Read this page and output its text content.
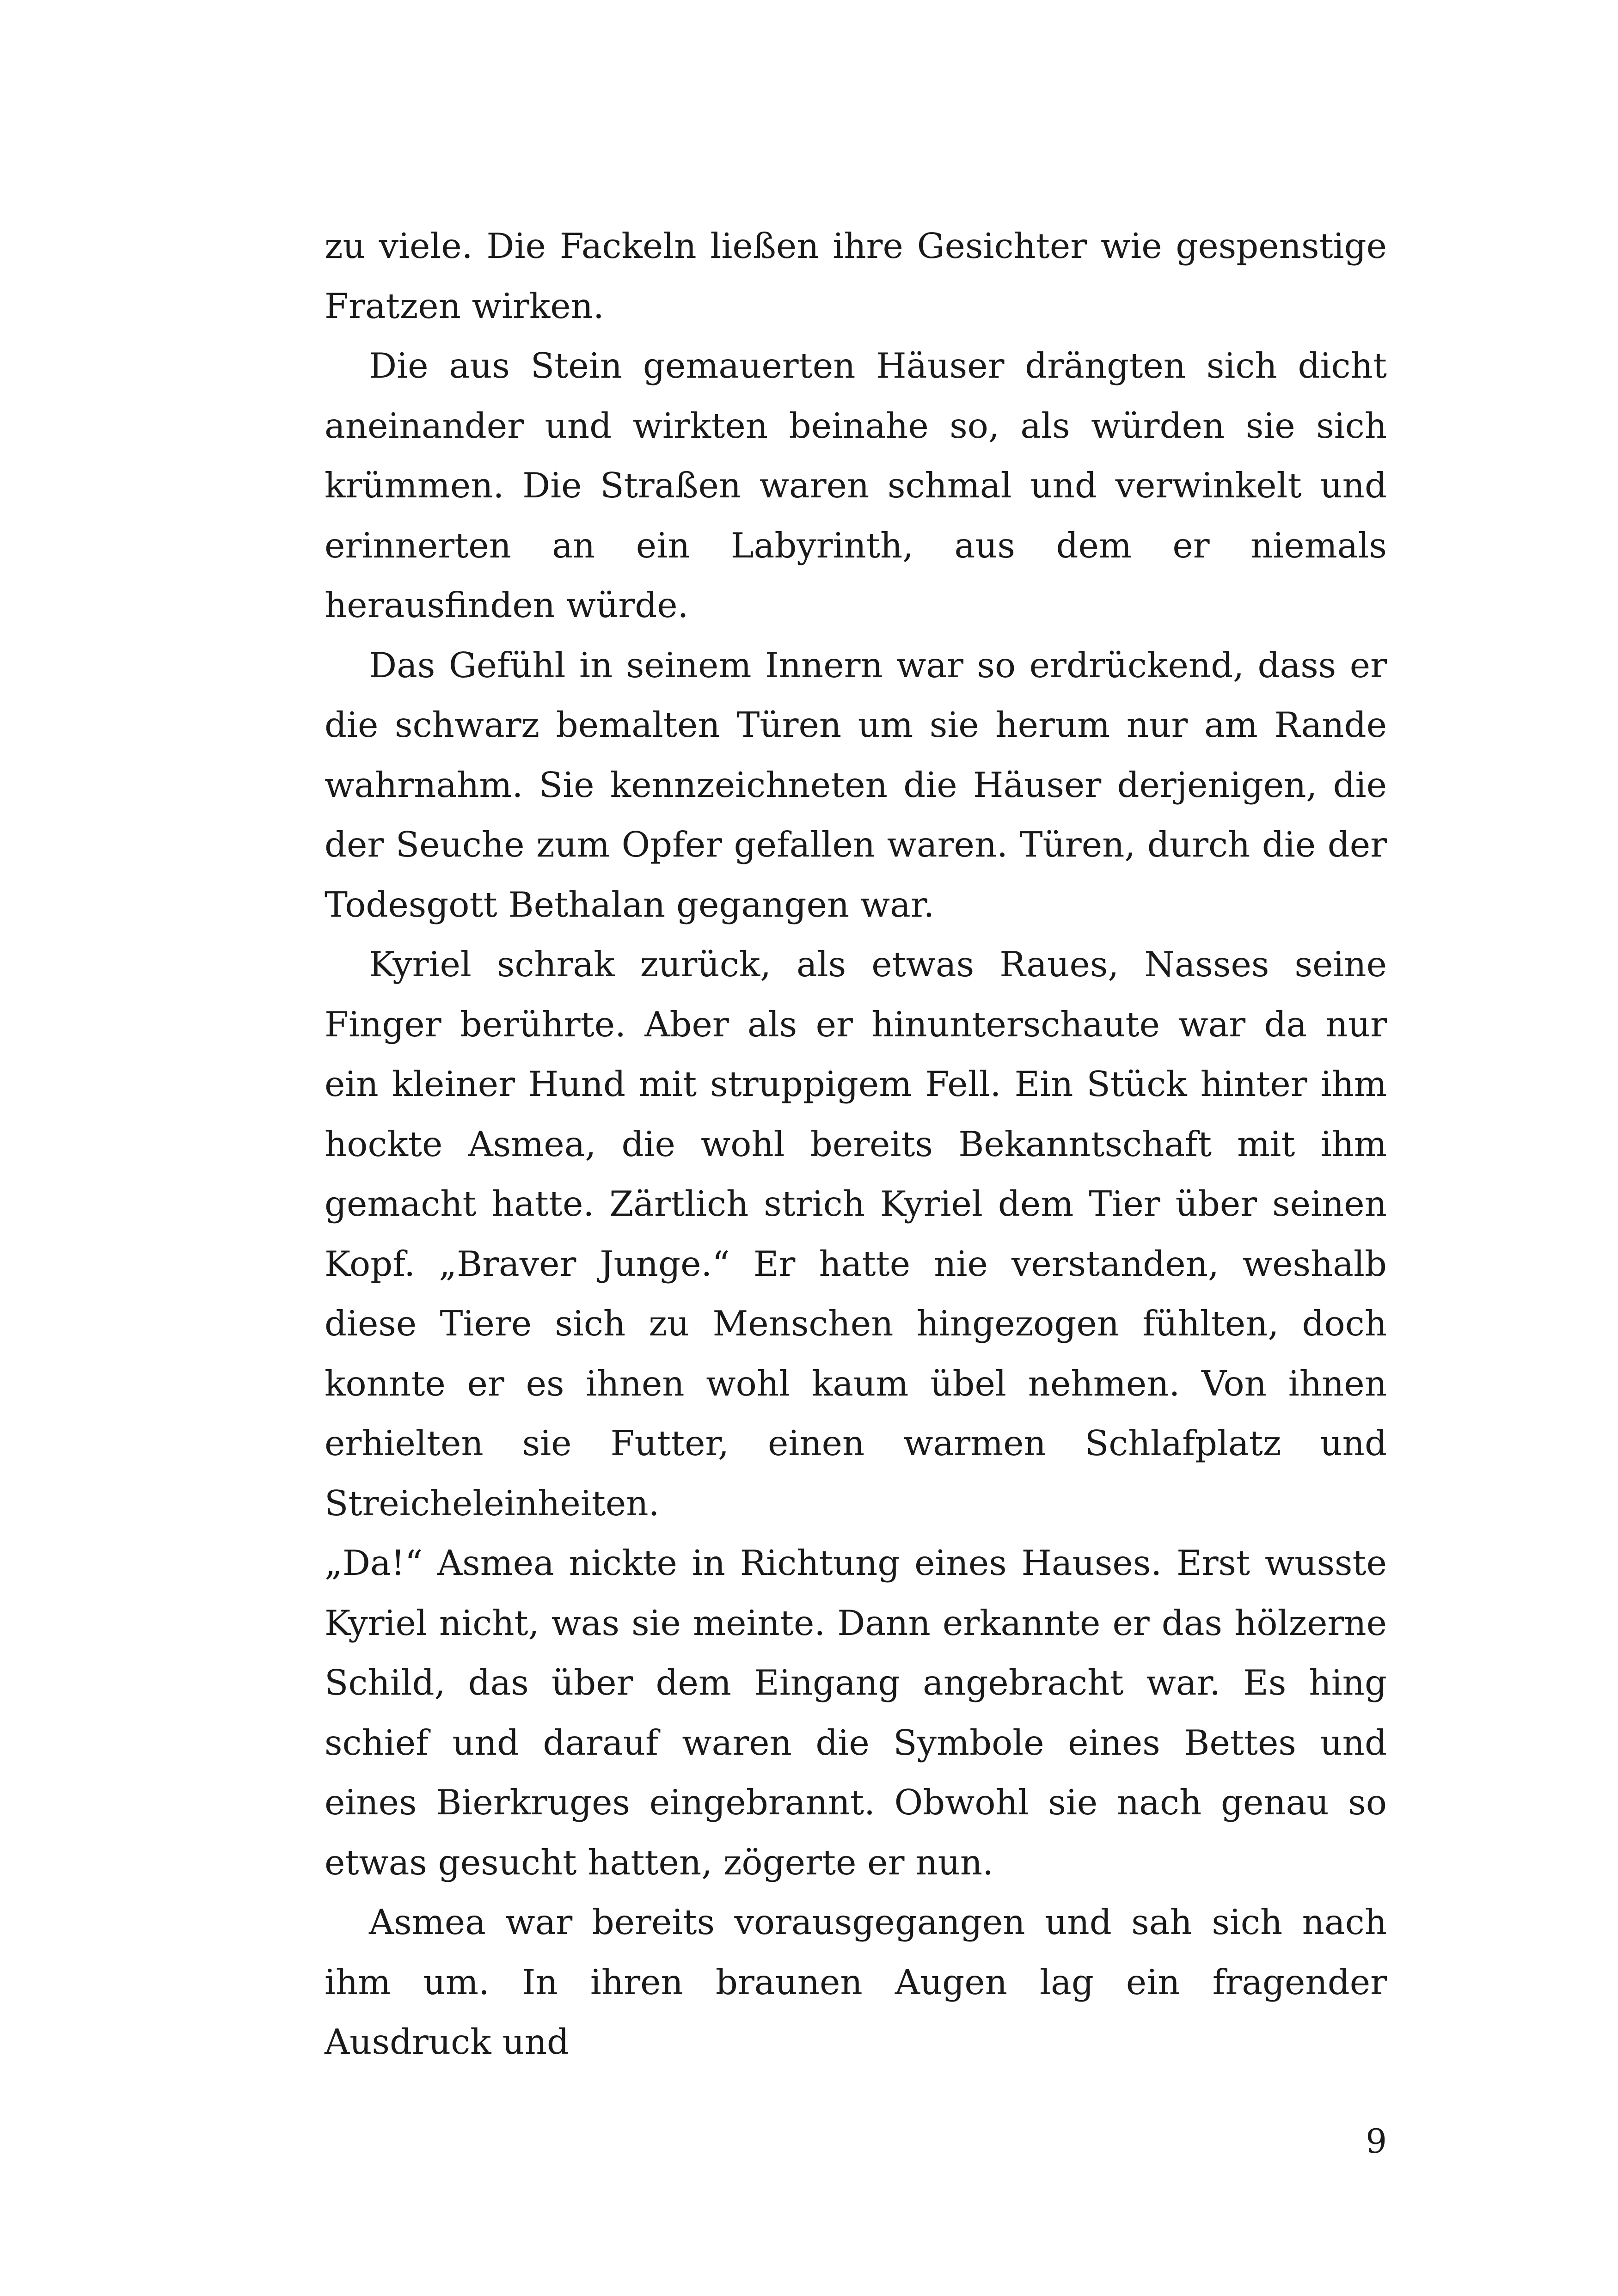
zu viele. Die Fackeln ließen ihre Gesichter wie gespenstige Fratzen wirken.

Die aus Stein gemauerten Häuser drängten sich dicht aneinander und wirkten beinahe so, als würden sie sich krümmen. Die Straßen waren schmal und verwinkelt und erinnerten an ein Labyrinth, aus dem er niemals herausfinden würde.

Das Gefühl in seinem Innern war so erdrückend, dass er die schwarz bemalten Türen um sie herum nur am Rande wahrnahm. Sie kennzeichneten die Häuser derjenigen, die der Seuche zum Opfer gefallen waren. Türen, durch die der Todesgott Bethalan gegangen war.

Kyriel schrak zurück, als etwas Raues, Nasses seine Finger berührte. Aber als er hinunterschaute war da nur ein kleiner Hund mit struppigem Fell. Ein Stück hinter ihm hockte Asmea, die wohl bereits Bekanntschaft mit ihm gemacht hatte. Zärtlich strich Kyriel dem Tier über seinen Kopf. „Braver Junge.“ Er hatte nie verstanden, weshalb diese Tiere sich zu Menschen hingezogen fühlten, doch konnte er es ihnen wohl kaum übel nehmen. Von ihnen erhielten sie Futter, einen warmen Schlafplatz und Streicheleinheiten.

„Da!“ Asmea nickte in Richtung eines Hauses. Erst wusste Kyriel nicht, was sie meinte. Dann erkannte er das hölzerne Schild, das über dem Eingang angebracht war. Es hing schief und darauf waren die Symbole eines Bettes und eines Bierkruges eingebrannt. Obwohl sie nach genau so etwas gesucht hatten, zögerte er nun.

Asmea war bereits vorausgegangen und sah sich nach ihm um. In ihren braunen Augen lag ein fragender Ausdruck und

9
